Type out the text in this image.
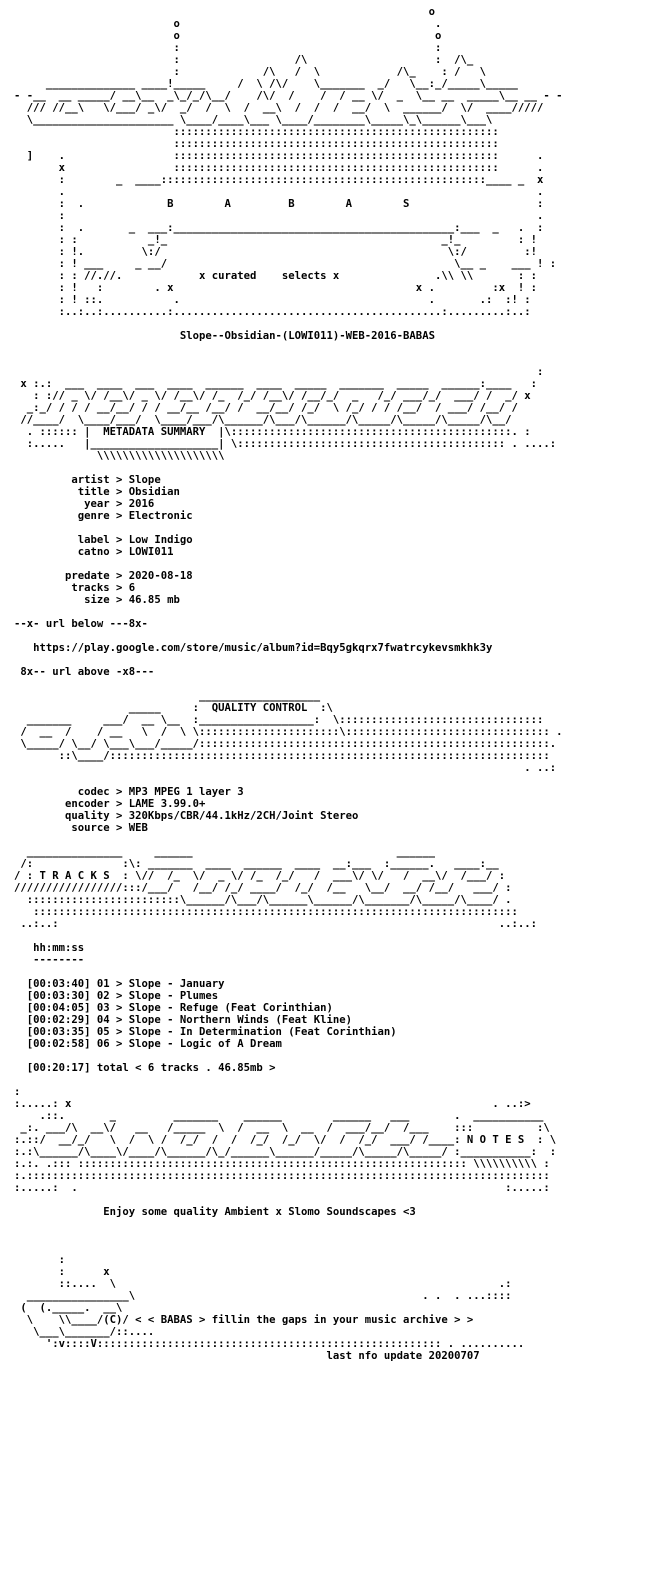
o
o                                        .
o                                        o
:                                        :
:                  /\                    :  /\_
:             /\   /  \            /\_    : /   \
______________ ____!_____     /  \ /\/    \_______  _/   \__:_/_____\_____
- -__  __ _____/ __\__  _\_/_/\__/    /\/  /    /  / __ \/  _  \__ __  _____\__ __ - -
/// //__\   \/___/ _\/  _/  /  \  /  __\  /  /  /  __/  \  ______/  \/  ____/////
\______________________ \____/____\___ \____/________\_____\_\______\___\
:::::::::::::::::::::::::::::::::::::::::::::::::::
:::::::::::::::::::::::::::::::::::::::::::::::::::
]    .                 :::::::::::::::::::::::::::::::::::::::::::::::::::      .
x                 :::::::::::::::::::::::::::::::::::::::::::::::::::      .
:        _  ____:::::::::::::::::::::::::::::::::::::::::::::::::::____ _  x
.                                                                          .
:  .             B        A         B        A        S                    :
:                                                                          .
:  .       _  ___:____________________________________________:___  _   .  :
: :           _!_                                           _!_         : !
: !.         \:/                                             \:/         :!
: ! ___     _ __/                                             \__ _    ___ ! :
: : //.//.            x curated    selects x               .\\ \\       : :
: !   :        . x                                      x .         :x  ! :
: ! ::.           .                                       .       .:  :! :
:..:..:..........:..........................................:.........:..:
Slope--Obsidian-(LOWI011)-WEB-2016-BABAS
:
x :.:  ___  ____  ___  ____  ______  ____  _____  _______  _____  ______:____   :
: :// _ \/ /__\/ _ \/ /__\/ /_  /_/ /__\/ /__/_/  _   /_/ ___/_/  ___/ /  _/ x
_:_/ / / / __/__/ / / __/__ /__/ /  __/__/ /_/  \ /_/ / / /__/  / ___/ /__/ /
//____/  \____/___/  \____/___/\______/\___/\______/\_____/\_____/\_____/\__/
. :::::: |  METADATA SUMMARY  |\::::::::::::::::::::::::::::::::::::::::::::. :
:.....   |____________________| \:::::::::::::::::::::::::::::::::::::::::: . ....:
\\\\\\\\\\\\\\\\\\\\
artist > Slope
title > Obsidian
year > 2016
genre > Electronic
label > Low Indigo
catno > LOWI011
predate > 2020-08-18
tracks > 6
size > 46.85 mb
--x- url below ---8x-
https://play.google.com/store/music/album?id=Bqy5gkqrx7fwatrcykevsmkhk3y
8x-- url above -x8---
___________________
_____     :  QUALITY CONTROL  :\
_______     ___/  __ \__  :__________________:  \::::::::::::::::::::::::::::::::
/  __  /    / __   \  /  \ \::::::::::::::::::::::\:::::::::::::::::::::::::::::::: .
\_____/ \__/ \___\___/_____/:::::::::::::::::::::::::::::::::::::::::::::::::::::::.
::\____/:::::::::::::::::::::::::::::::::::::::::::::::::::::::::::::::::::::
. ..:
codec > MP3 MPEG 1 layer 3
encoder > LAME 3.99.0+
quality > 320Kbps/CBR/44.1kHz/2CH/Joint Stereo
source > WEB
_______________     ______                                ______
/:              :\: _______  ____  ______  ____  __:___  :______.   ____:__
/ : T R A C K S  : \//  /_  \/  _ \/ /_  /_/   /  ___\/ \/   /  __\/  /___/ :
/////////////////:::/___/   /__/ /_/ ____/  /_/  /__   \__/  __/ /__/   ___/ :
::::::::::::::::::::::::\______/\___/\______\______/\_______/\_____/\____/ .
::::::::::::::::::::::::::::::::::::::::::::::::::::::::::::::::::::::::::::
..:..:                                                                     ..:..:
hh:mm:ss
--------
[00:03:40] 01 > Slope - January
[00:03:30] 02 > Slope - Plumes
[00:04:05] 03 > Slope - Refuge (Feat Corinthian)
[00:02:29] 04 > Slope - Northern Winds (Feat Kline)
[00:03:35] 05 > Slope - In Determination (Feat Corinthian)
[00:02:58] 06 > Slope - Logic of A Dream
[00:20:17] total < 6 tracks . 46.85mb >
:
:.....: x                                                                  . ..:>
.::.       _         _______    ______        ______   ___       .  ___________
_:. ___/\  __\/   __   /_____  \  /  __  \  __  /  ___/__/  /___    :::          :\
:.::/  __/_/   \  /  \ /  /_/  /  /  /_/  /_/  \/  /  /_/  ___/ /____: N O T E S  : \
:.:\______/\____\/____/\______/\_/______\______/_____/\_____/\_____/ :___________:  :
:.:. .::: ::::::::::::::::::::::::::::::::::::::::::::::::::::::::::::: \\\\\\\\\\ :
:.::::::::::::::::::::::::::::::::::::::::::::::::::::::::::::::::::::::::::::::::::
:.....:  .                                                                   :.....:
Enjoy some quality Ambient x Slomo Soundscapes <3
:
:      x
::....  \                                                            .:
________________\                                             . .  . ...::::
(  (._____.  __\
\    \\____/(C)/ < < BABAS > fillin the gaps in your music archive > >
\___\_______/::....
':v::::V:::::::::::::::::::::::::::::::::::::::::::::::::::::: . ..........
last nfo update 20200707
